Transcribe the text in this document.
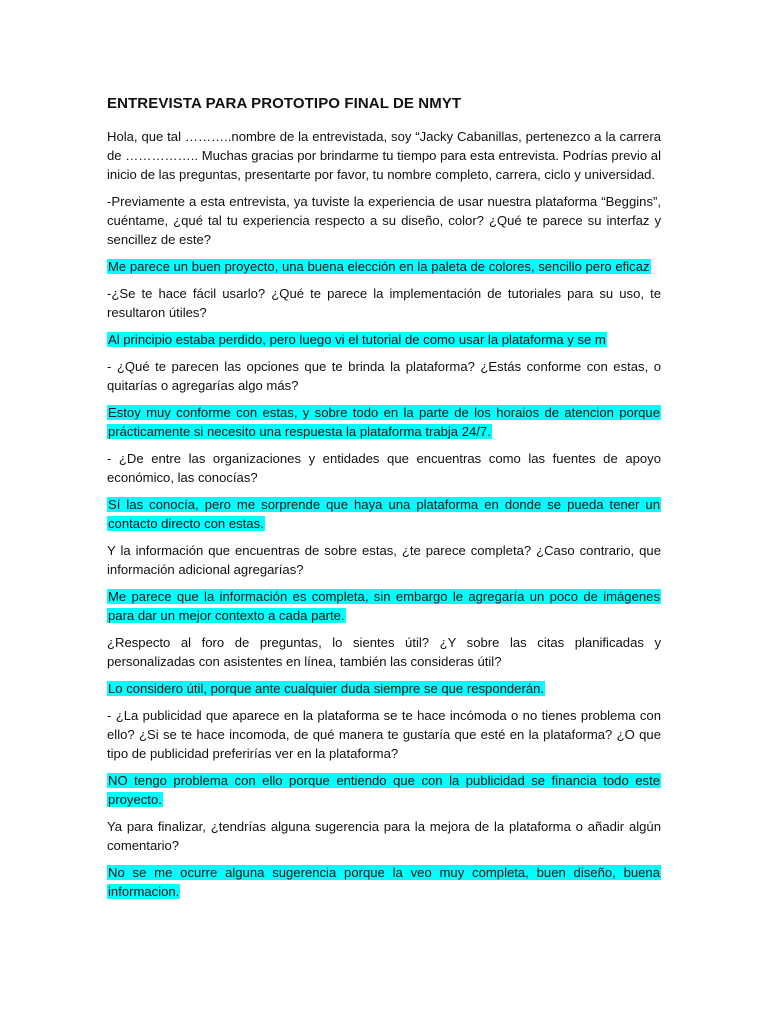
ENTREVISTA PARA PROTOTIPO FINAL DE NMYT

Hola, que tal ………..nombre de la entrevistada, soy “Jacky Cabanillas, pertenezco a la carrera de …………….. Muchas gracias por brindarme tu tiempo para esta entrevista. Podrías previo al inicio de las preguntas, presentarte por favor, tu nombre completo, carrera, ciclo y universidad.

-Previamente a esta entrevista, ya tuviste la experiencia de usar nuestra plataforma “Beggins”, cuéntame, ¿qué tal tu experiencia respecto a su diseño, color? ¿Qué te parece su interfaz y sencillez de este?

Me parece un buen proyecto, una buena elección en la paleta de colores, sencillo pero eficaz

-¿Se te hace fácil usarlo? ¿Qué te parece la implementación de tutoriales para su uso, te resultaron útiles?

Al principio estaba perdido, pero luego vi el tutorial de como usar la plataforma y se m

- ¿Qué te parecen las opciones que te brinda la plataforma? ¿Estás conforme con estas, o quitarías o agregarías algo más?

Estoy muy conforme con estas, y sobre todo en la parte de los horaios de atencion porque prácticamente si necesito una respuesta la plataforma trabja 24/7.

- ¿De entre las organizaciones y entidades que encuentras como las fuentes de apoyo económico, las conocías?

Sí las conocía, pero me sorprende que haya una plataforma en donde se pueda tener un contacto directo con estas.

Y la información que encuentras de sobre estas, ¿te parece completa? ¿Caso contrario, que información adicional agregarías?

Me parece que la información es completa, sin embargo le agregaría un poco de imágenes para dar un mejor contexto a cada parte.

¿Respecto al foro de preguntas, lo sientes útil? ¿Y sobre las citas planificadas y personalizadas con asistentes en línea, también las consideras útil?

Lo considero útil, porque ante cualquier duda siempre se que responderán.

- ¿La publicidad que aparece en la plataforma se te hace incómoda o no tienes problema con ello? ¿Si se te hace incomoda, de qué manera te gustaría que esté en la plataforma? ¿O que tipo de publicidad preferirías ver en la plataforma?

NO tengo problema con ello porque entiendo que con la publicidad se financia todo este proyecto.

Ya para finalizar, ¿tendrías alguna sugerencia para la mejora de la plataforma o añadir algún comentario?

No se me ocurre alguna sugerencia porque la veo muy completa, buen diseño, buena informacion.
